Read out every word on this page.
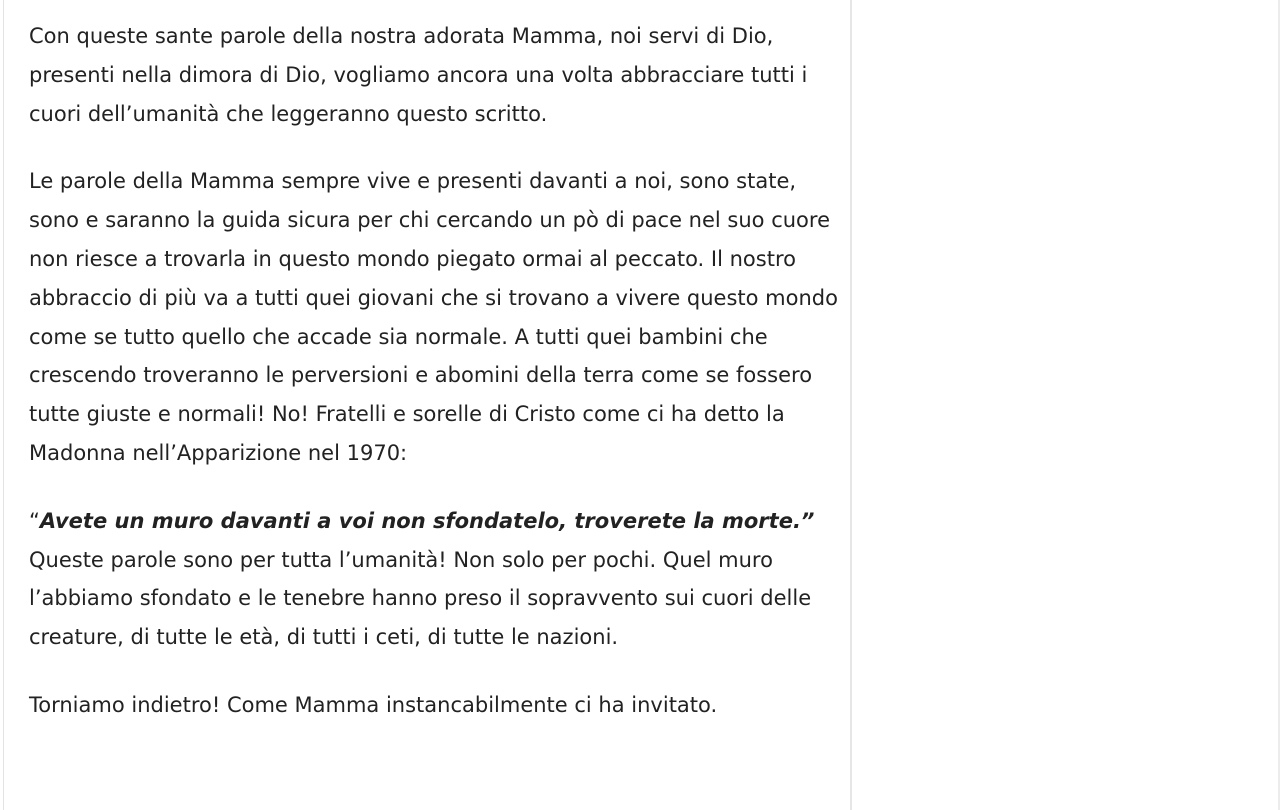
Con queste sante parole della nostra adorata Mamma, noi servi di Dio, presenti nella dimora di Dio, vogliamo ancora una volta abbracciare tutti i cuori dell’umanità che leggeranno questo scritto.

Le parole della Mamma sempre vive e presenti davanti a noi, sono state, sono e saranno la guida sicura per chi cercando un pò di pace nel suo cuore non riesce a trovarla in questo mondo piegato ormai al peccato. Il nostro abbraccio di più va a tutti quei giovani che si trovano a vivere questo mondo come se tutto quello che accade sia normale. A tutti quei bambini che crescendo troveranno le perversioni e abomini della terra come se fossero tutte giuste e normali! No! Fratelli e sorelle di Cristo come ci ha detto la Madonna nell’Apparizione nel 1970:

“Avete un muro davanti a voi non sfondatelo, troverete la morte.” Queste parole sono per tutta l’umanità! Non solo per pochi. Quel muro l’abbiamo sfondato e le tenebre hanno preso il sopravvento sui cuori delle creature, di tutte le età, di tutti i ceti, di tutte le nazioni.

Torniamo indietro! Come Mamma instancabilmente ci ha invitato.
